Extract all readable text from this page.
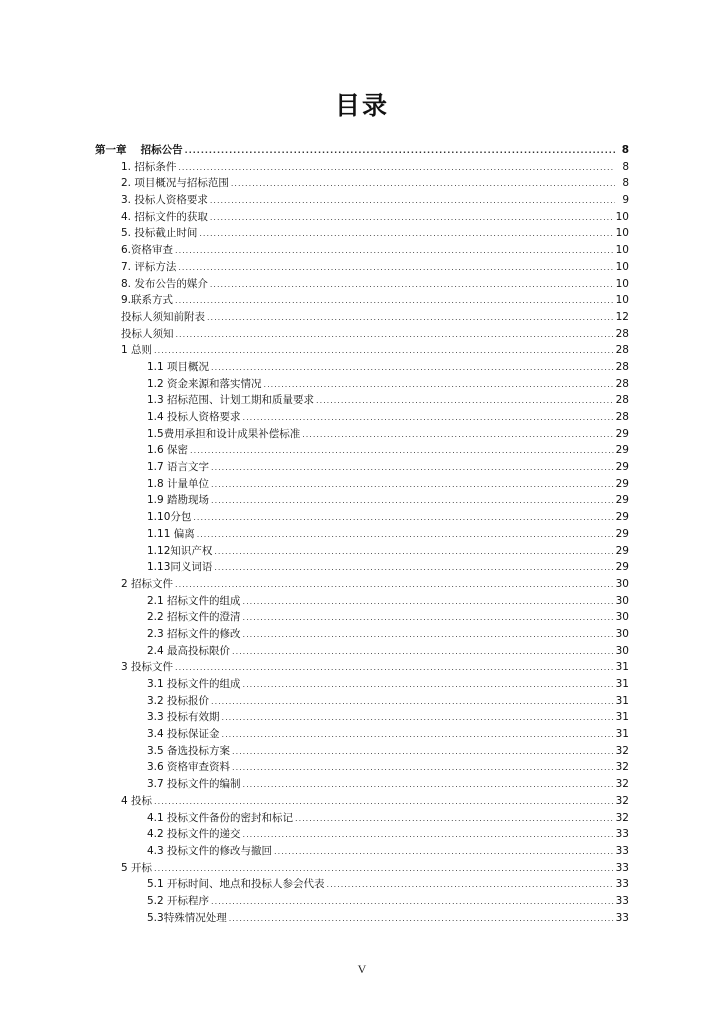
目录
第一章　 招标公告 .....	8
1. 招标条件 .....	8
2. 项目概况与招标范围 .....	8
3. 投标人资格要求 .....	9
4. 招标文件的获取 .....	10
5. 投标截止时间 .....	10
6.资格审查 .....	10
7. 评标方法 .....	10
8. 发布公告的媒介 .....	10
9.联系方式 .....	10
投标人须知前附表 .....	12
投标人须知 .....	28
1 总则 .....	28
1.1 项目概况 .....	28
1.2 资金来源和落实情况 .....	28
1.3 招标范围、计划工期和质量要求 .....	28
1.4 投标人资格要求 .....	28
1.5费用承担和设计成果补偿标准 .....	29
1.6 保密 .....	29
1.7 语言文字 .....	29
1.8 计量单位 .....	29
1.9 踏勘现场 .....	29
1.10分包 .....	29
1.11 偏离 .....	29
1.12知识产权 .....	29
1.13同义词语 .....	29
2 招标文件 .....	30
2.1 招标文件的组成 .....	30
2.2 招标文件的澄清 .....	30
2.3 招标文件的修改 .....	30
2.4 最高投标限价 .....	30
3 投标文件 .....	31
3.1 投标文件的组成 .....	31
3.2 投标报价 .....	31
3.3 投标有效期 .....	31
3.4 投标保证金 .....	31
3.5 备选投标方案 .....	32
3.6 资格审查资料 .....	32
3.7 投标文件的编制 .....	32
4 投标 .....	32
4.1 投标文件备份的密封和标记 .....	32
4.2 投标文件的递交 .....	33
4.3 投标文件的修改与撤回 .....	33
5 开标 .....	33
5.1 开标时间、地点和投标人参会代表 .....	33
5.2 开标程序 .....	33
5.3特殊情况处理 .....	33
V
